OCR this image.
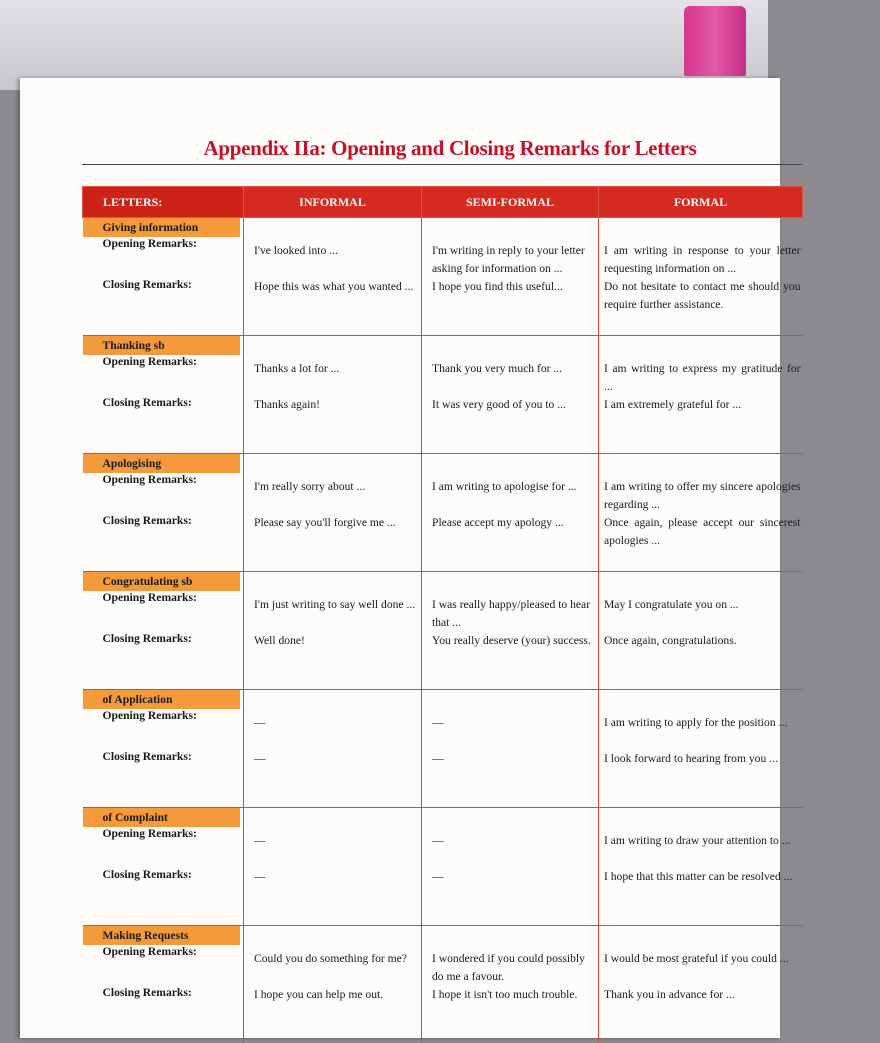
Appendix IIa: Opening and Closing Remarks for Letters
LETTERS:	INFORMAL	SEMI-FORMAL	FORMAL
Giving information
Opening Remarks:	I've looked into ...	I'm writing in reply to your letter asking for information on ...	I am writing in response to your letter requesting information on ...

Closing Remarks:	Hope this was what you wanted ...	I hope you find this useful...	Do not hesitate to contact me should you require further assistance.

Thanking sb
Opening Remarks:	Thanks a lot for ...	Thank you very much for ...	I am writing to express my gratitude for ...

Closing Remarks:	Thanks again!	It was very good of you to ...	I am extremely grateful for ...

Apologising
Opening Remarks:	I'm really sorry about ...	I am writing to apologise for ...	I am writing to offer my sincere apologies regarding ...

Closing Remarks:	Please say you'll forgive me ...	Please accept my apology ...	Once again, please accept our sincerest apologies ...

Congratulating sb
Opening Remarks:	I'm just writing to say well done ...	I was really happy/pleased to hear that ...	May I congratulate you on ...

Closing Remarks:	Well done!	You really deserve (your) success.	Once again, congratulations.

of Application
Opening Remarks:	—	—	I am writing to apply for the position ...

Closing Remarks:	—	—	I look forward to hearing from you ...

of Complaint
Opening Remarks:	—	—	I am writing to draw your attention to ...

Closing Remarks:	—	—	I hope that this matter can be resolved ...

Making Requests
Opening Remarks:	Could you do something for me?	I wondered if you could possibly do me a favour.	I would be most grateful if you could ...

Closing Remarks:	I hope you can help me out.	I hope it isn't too much trouble.	Thank you in advance for ...
